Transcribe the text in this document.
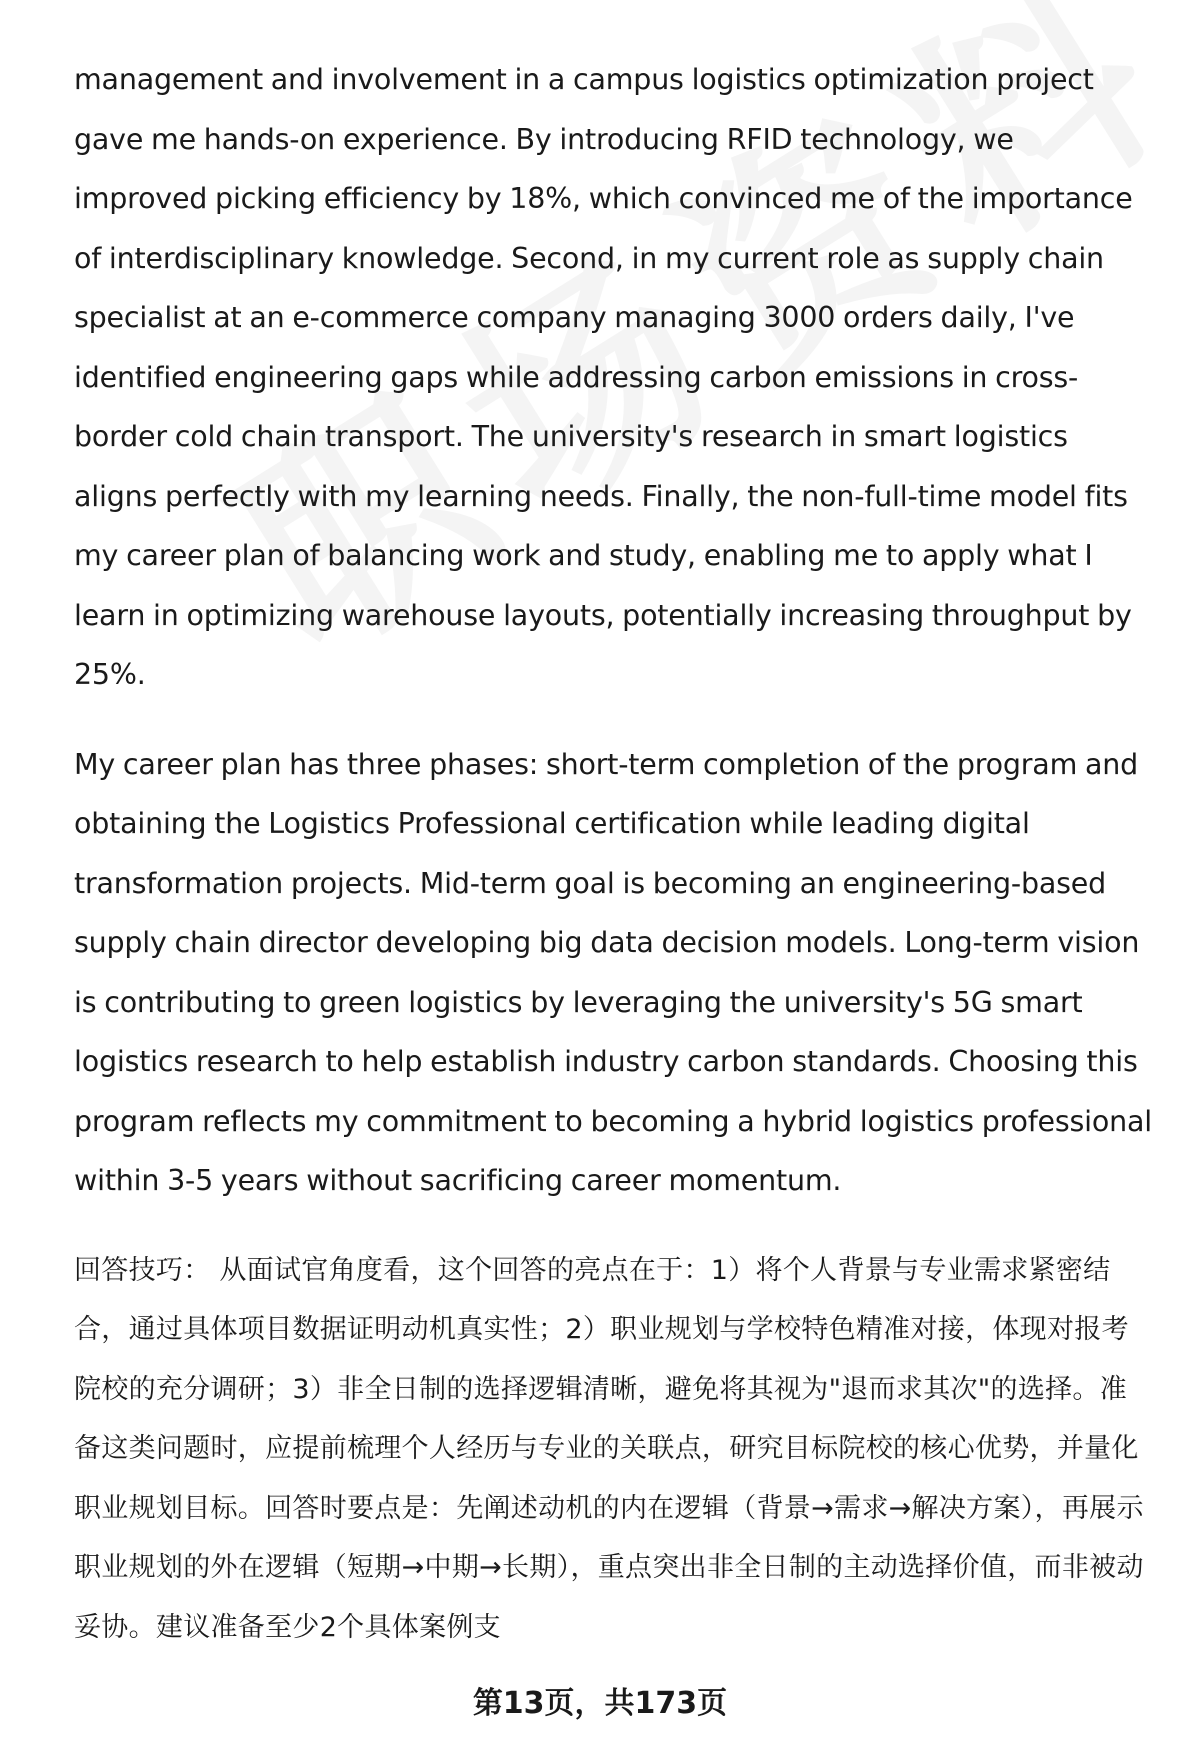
management and involvement in a campus logistics optimization project gave me hands-on experience. By introducing RFID technology, we improved picking efficiency by 18%, which convinced me of the importance of interdisciplinary knowledge. Second, in my current role as supply chain specialist at an e-commerce company managing 3000 orders daily, I've identified engineering gaps while addressing carbon emissions in cross-border cold chain transport. The university's research in smart logistics aligns perfectly with my learning needs. Finally, the non-full-time model fits my career plan of balancing work and study, enabling me to apply what I learn in optimizing warehouse layouts, potentially increasing throughput by 25%.

My career plan has three phases: short-term completion of the program and obtaining the Logistics Professional certification while leading digital transformation projects. Mid-term goal is becoming an engineering-based supply chain director developing big data decision models. Long-term vision is contributing to green logistics by leveraging the university's 5G smart logistics research to help establish industry carbon standards. Choosing this program reflects my commitment to becoming a hybrid logistics professional within 3-5 years without sacrificing career momentum.

回答技巧： 从面试官角度看，这个回答的亮点在于：1）将个人背景与专业需求紧密结合，通过具体项目数据证明动机真实性；2）职业规划与学校特色精准对接，体现对报考院校的充分调研；3）非全日制的选择逻辑清晰，避免将其视为"退而求其次"的选择。准备这类问题时，应提前梳理个人经历与专业的关联点，研究目标院校的核心优势，并量化职业规划目标。回答时要点是：先阐述动机的内在逻辑（背景→需求→解决方案），再展示职业规划的外在逻辑（短期→中期→长期），重点突出非全日制的主动选择价值，而非被动妥协。建议准备至少2个具体案例支
第13页，共173页
